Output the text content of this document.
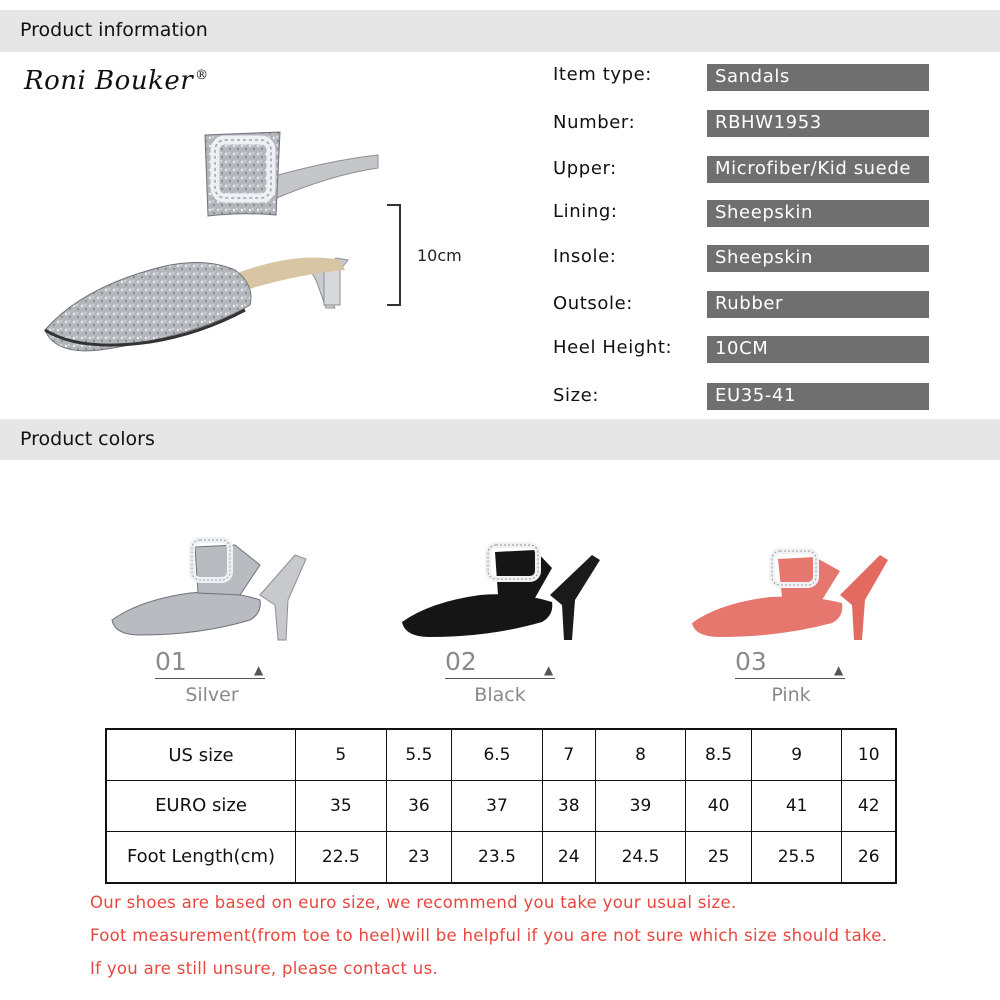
Product information
Roni Bouker ®
10cm
Item type:	Sandals
Number:	RBHW1953
Upper:	Microfiber/Kid suede
Lining:	Sheepskin
Insole:	Sheepskin
Outsole:	Rubber
Heel Height:	10CM
Size:	EU35-41
Product colors
01	▲
Silver
02	▲
Black
03	▲
Pink
US size	5	5.5	6.5	7	8	8.5	9	10
EURO size	35	36	37	38	39	40	41	42
Foot Length(cm)	22.5	23	23.5	24	24.5	25	25.5	26
Our shoes are based on euro size, we recommend you take your usual size.
Foot measurement(from toe to heel)will be helpful if you are not sure which size should take.
If you are still unsure, please contact us.
